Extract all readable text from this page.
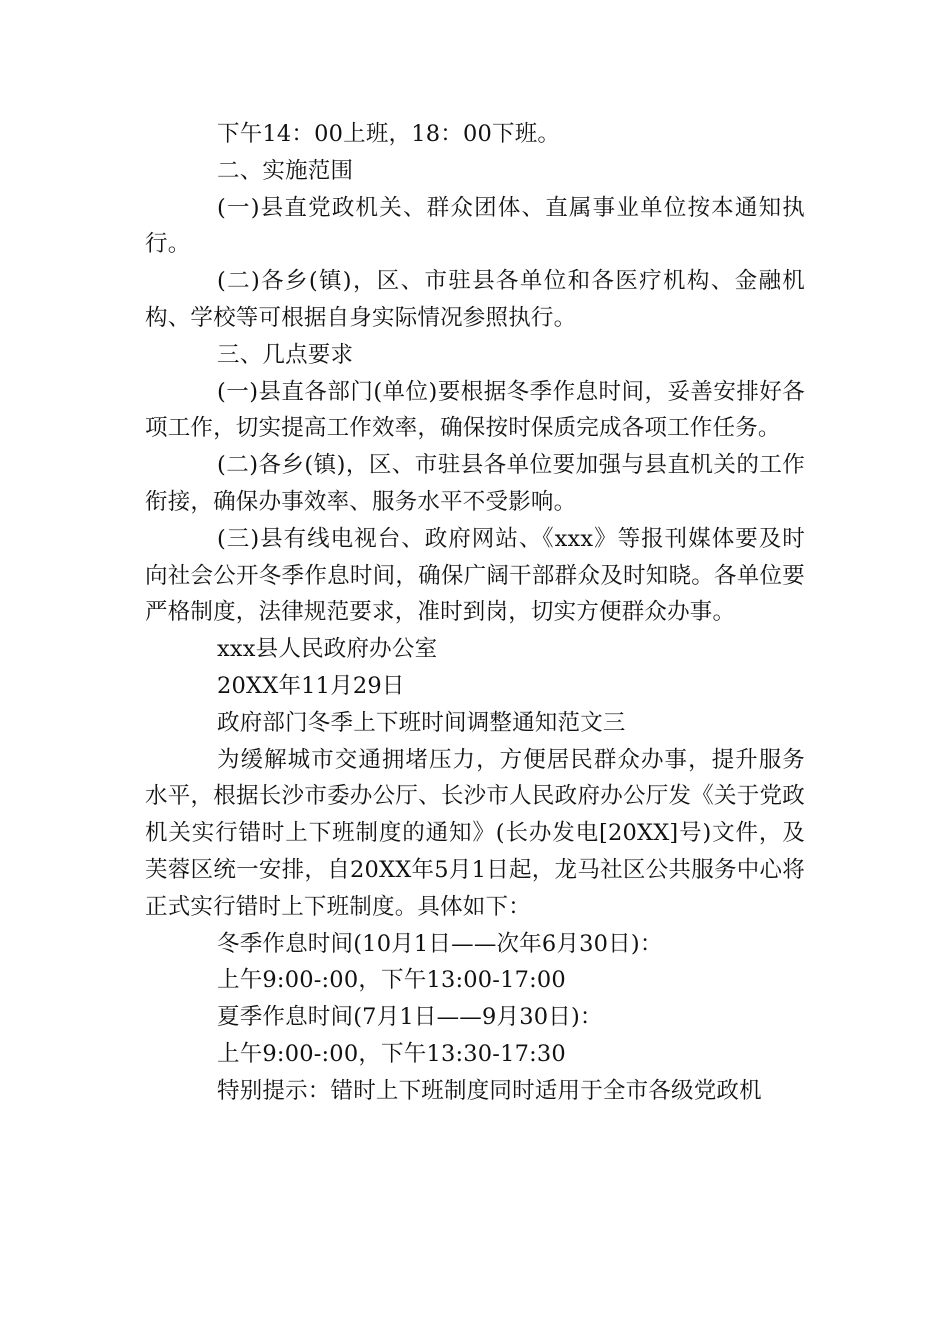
下午14：00上班，18：00下班。

二、实施范围

(一)县直党政机关、群众团体、直属事业单位按本通知执行。

(二)各乡(镇)，区、市驻县各单位和各医疗机构、金融机构、学校等可根据自身实际情况参照执行。

三、几点要求

(一)县直各部门(单位)要根据冬季作息时间，妥善安排好各项工作，切实提高工作效率，确保按时保质完成各项工作任务。

(二)各乡(镇)，区、市驻县各单位要加强与县直机关的工作衔接，确保办事效率、服务水平不受影响。

(三)县有线电视台、政府网站、《xxx》等报刊媒体要及时向社会公开冬季作息时间，确保广阔干部群众及时知晓。各单位要严格制度，法律规范要求，准时到岗，切实方便群众办事。

xxx县人民政府办公室

20XX年11月29日

政府部门冬季上下班时间调整通知范文三

为缓解城市交通拥堵压力，方便居民群众办事，提升服务水平，根据长沙市委办公厅、长沙市人民政府办公厅发《关于党政机关实行错时上下班制度的通知》(长办发电[20XX]号)文件，及芙蓉区统一安排，自20XX年5月1日起，龙马社区公共服务中心将正式实行错时上下班制度。具体如下：

冬季作息时间(10月1日——次年6月30日)：

上午9:00-:00，下午13:00-17:00

夏季作息时间(7月1日——9月30日)：

上午9:00-:00，下午13:30-17:30

特别提示：错时上下班制度同时适用于全市各级党政机
